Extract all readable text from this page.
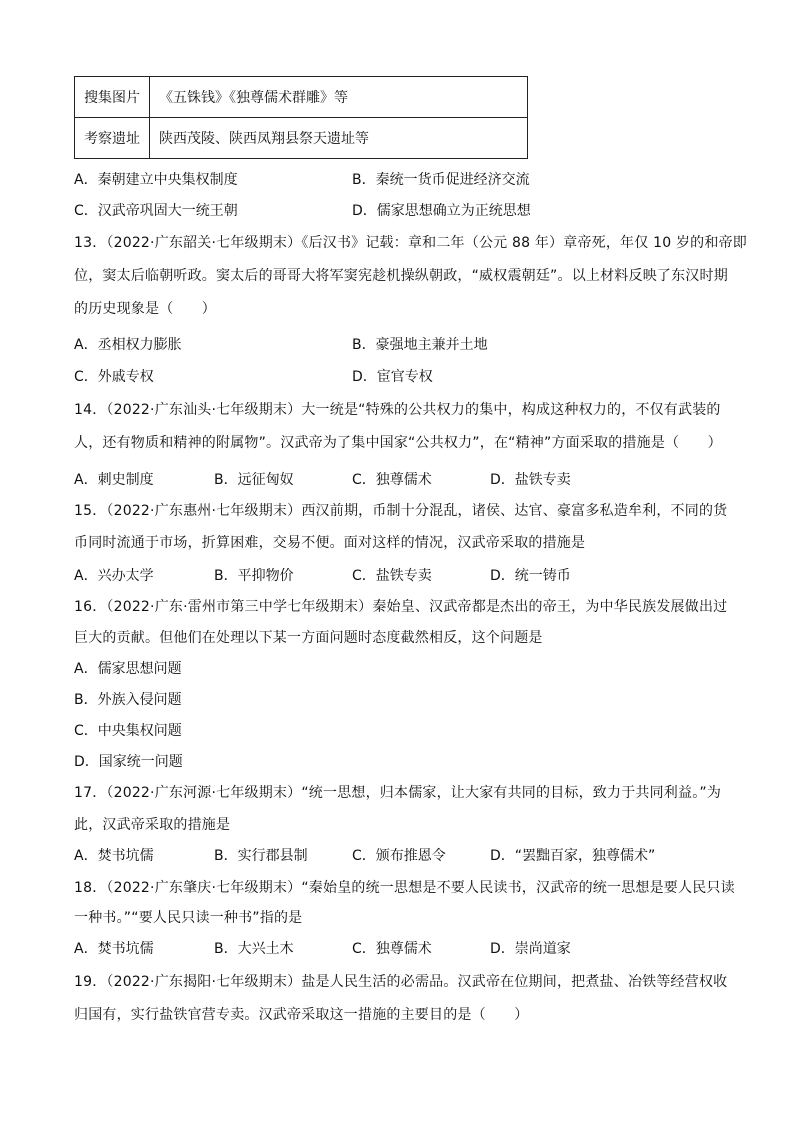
搜集图片	《五铢钱》《独尊儒术群雕》等
考察遗址	陕西茂陵、陕西凤翔县祭天遗址等
A．秦朝建立中央集权制度	B．秦统一货币促进经济交流
C．汉武帝巩固大一统王朝	D．儒家思想确立为正统思想
13．（2022·广东韶关·七年级期末）《后汉书》记载：章和二年（公元 88 年）章帝死，年仅 10 岁的和帝即
位，窦太后临朝听政。窦太后的哥哥大将军窦宪趁机操纵朝政，“威权震朝廷”。以上材料反映了东汉时期
的历史现象是（　　）
A．丞相权力膨胀	B．豪强地主兼并土地
C．外戚专权	D．宦官专权
14．（2022·广东汕头·七年级期末）大一统是“特殊的公共权力的集中，构成这种权力的，不仅有武装的
人，还有物质和精神的附属物”。汉武帝为了集中国家“公共权力”，在“精神”方面采取的措施是（　　）
A．刺史制度	B．远征匈奴	C．独尊儒术	D．盐铁专卖
15．（2022·广东惠州·七年级期末）西汉前期，币制十分混乱，诸侯、达官、豪富多私造牟利，不同的货
币同时流通于市场，折算困难，交易不便。面对这样的情况，汉武帝采取的措施是
A．兴办太学	B．平抑物价	C．盐铁专卖	D．统一铸币
16．（2022·广东·雷州市第三中学七年级期末）秦始皇、汉武帝都是杰出的帝王，为中华民族发展做出过
巨大的贡献。但他们在处理以下某一方面问题时态度截然相反，这个问题是
A．儒家思想问题
B．外族入侵问题
C．中央集权问题
D．国家统一问题
17．（2022·广东河源·七年级期末）“统一思想，归本儒家，让大家有共同的目标，致力于共同利益。”为
此，汉武帝采取的措施是
A．焚书坑儒	B．实行郡县制	C．颁布推恩令	D．“罢黜百家，独尊儒术”
18．（2022·广东肇庆·七年级期末）“秦始皇的统一思想是不要人民读书，汉武帝的统一思想是要人民只读
一种书。”“要人民只读一种书”指的是
A．焚书坑儒	B．大兴土木	C．独尊儒术	D．崇尚道家
19．（2022·广东揭阳·七年级期末）盐是人民生活的必需品。汉武帝在位期间，把煮盐、冶铁等经营权收
归国有，实行盐铁官营专卖。汉武帝采取这一措施的主要目的是（　　）
